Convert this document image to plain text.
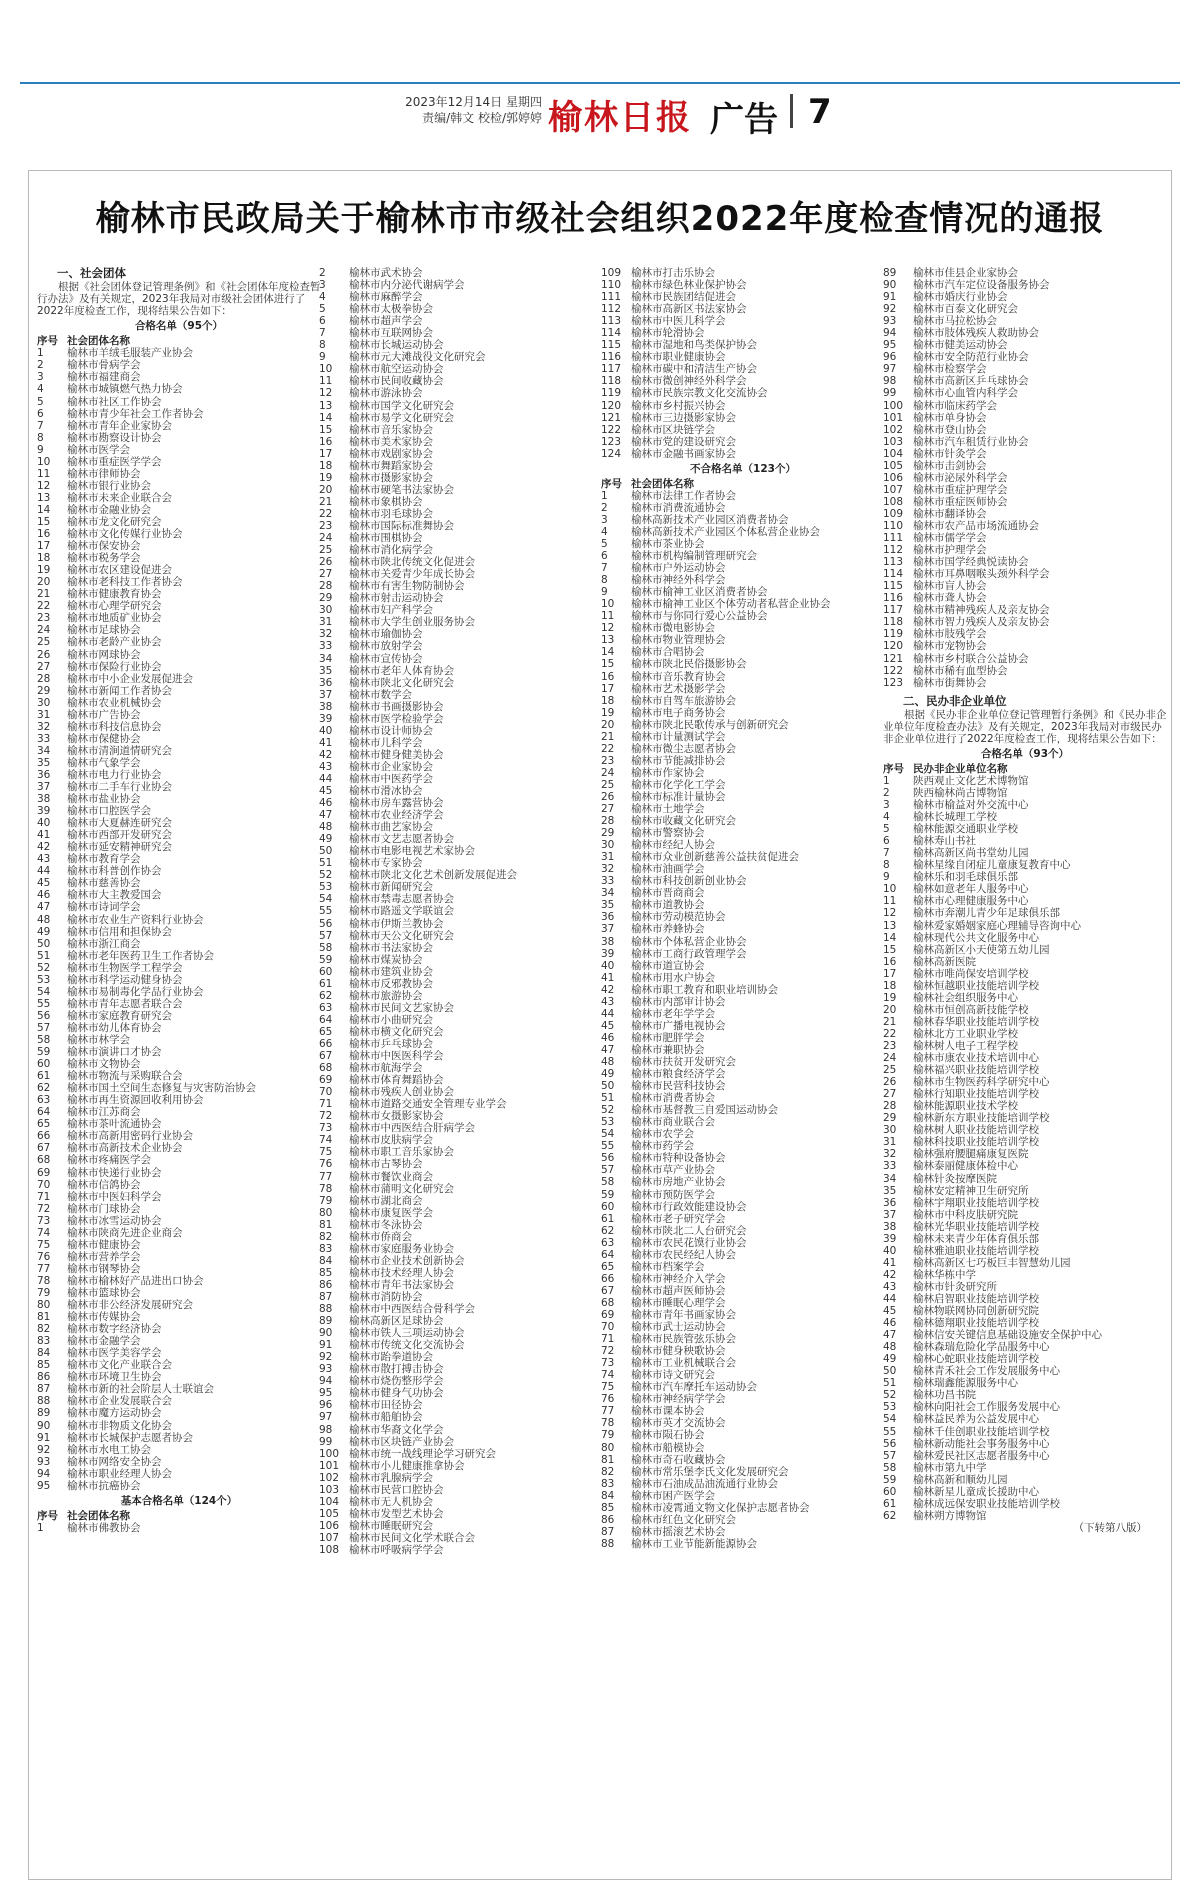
2023年12月14日 星期四
责编/韩文 校检/郭婷婷 榆林日报 广告 7
榆林市民政局关于榆林市市级社会组织2022年度检查情况的通报
一、社会团体
根据《社会团体登记管理条例》和《社会团体年度检查暂行办法》及有关规定，2023年我局对市级社会团体进行了2022年度检查工作，现将结果公告如下：
合格名单（95个）
序号 社会团体名称
1	榆林市羊绒毛服装产业协会
2	榆林市骨病学会
3	榆林市福建商会
4	榆林市城镇燃气热力协会
5	榆林市社区工作协会
6	榆林市青少年社会工作者协会
7	榆林市青年企业家协会
8	榆林市勘察设计协会
9	榆林市医学会
10	榆林市重症医学学会
11	榆林市律师协会
12	榆林市银行业协会
13	榆林市未来企业联合会
14	榆林市金融业协会
15	榆林市龙文化研究会
16	榆林市文化传媒行业协会
17	榆林市保安协会
18	榆林市税务学会
19	榆林市农区建设促进会
20	榆林市老科技工作者协会
21	榆林市健康教育协会
22	榆林市心理学研究会
23	榆林市地质矿业协会
24	榆林市足球协会
25	榆林市老龄产业协会
26	榆林市网球协会
27	榆林市保险行业协会
28	榆林市中小企业发展促进会
29	榆林市新闻工作者协会
30	榆林市农业机械协会
31	榆林市广告协会
32	榆林市科技信息协会
33	榆林市保健协会
34	榆林市清涧道情研究会
35	榆林市气象学会
36	榆林市电力行业协会
37	榆林市二手车行业协会
38	榆林市盐业协会
39	榆林市口腔医学会
40	榆林市大夏赫连研究会
41	榆林市西部开发研究会
42	榆林市延安精神研究会
43	榆林市教育学会
44	榆林市科普创作协会
45	榆林市慈善协会
46	榆林市大主教爱国会
47	榆林市诗词学会
48	榆林市农业生产资料行业协会
49	榆林市信用和担保协会
50	榆林市浙江商会
51	榆林市老年医药卫生工作者协会
52	榆林市生物医学工程学会
53	榆林市科学运动健身协会
54	榆林市易制毒化学品行业协会
55	榆林市青年志愿者联合会
56	榆林市家庭教育研究会
57	榆林市幼儿体育协会
58	榆林市林学会
59	榆林市演讲口才协会
60	榆林市文物协会
61	榆林市物流与采购联合会
62	榆林市国土空间生态修复与灾害防治协会
63	榆林市再生资源回收利用协会
64	榆林市江苏商会
65	榆林市茶叶流通协会
66	榆林市高新用密码行业协会
67	榆林市高新技术企业协会
68	榆林市疼痛医学会
69	榆林市快递行业协会
70	榆林市信鸽协会
71	榆林市中医妇科学会
72	榆林市门球协会
73	榆林市冰雪运动协会
74	榆林市陕商先进企业商会
75	榆林市健康协会
76	榆林市营养学会
77	榆林市钢琴协会
78	榆林市榆林好产品进出口协会
79	榆林市篮球协会
80	榆林市非公经济发展研究会
81	榆林市传媒协会
82	榆林市数字经济协会
83	榆林市金融学会
84	榆林市医学美容学会
85	榆林市文化产业联合会
86	榆林市环境卫生协会
87	榆林市新的社会阶层人士联谊会
88	榆林市企业发展联合会
89	榆林市魔方运动协会
90	榆林市非物质文化协会
91	榆林市长城保护志愿者协会
92	榆林市水电工协会
93	榆林市网络安全协会
94	榆林市职业经理人协会
95	榆林市抗癌协会
基本合格名单（124个）
序号 社会团体名称
1	榆林市佛教协会
2	榆林市武术协会
3	榆林市内分泌代谢病学会
4	榆林市麻醉学会
5	榆林市太极拳协会
6	榆林市超声学会
7	榆林市互联网协会
8	榆林市长城运动协会
9	榆林市元大滩战役文化研究会
10	榆林市航空运动协会
11	榆林市民间收藏协会
12	榆林市游泳协会
13	榆林市国学文化研究会
14	榆林市易学文化研究会
15	榆林市音乐家协会
16	榆林市美术家协会
17	榆林市戏剧家协会
18	榆林市舞蹈家协会
19	榆林市摄影家协会
20	榆林市硬笔书法家协会
21	榆林市象棋协会
22	榆林市羽毛球协会
23	榆林市国际标准舞协会
24	榆林市围棋协会
25	榆林市消化病学会
26	榆林市陕北传统文化促进会
27	榆林市关爱青少年成长协会
28	榆林市有害生物防制协会
29	榆林市射击运动协会
30	榆林市妇产科学会
31	榆林市大学生创业服务协会
32	榆林市瑜伽协会
33	榆林市放射学会
34	榆林市宣传协会
35	榆林市老年人体育协会
36	榆林市陕北文化研究会
37	榆林市数学会
38	榆林市书画摄影协会
39	榆林市医学检验学会
40	榆林市设计师协会
41	榆林市儿科学会
42	榆林市健身健美协会
43	榆林市企业家协会
44	榆林市中医药学会
45	榆林市滑冰协会
46	榆林市房车露营协会
47	榆林市农业经济学会
48	榆林市曲艺家协会
49	榆林市文艺志愿者协会
50	榆林市电影电视艺术家协会
51	榆林市专家协会
52	榆林市陕北文化艺术创新发展促进会
53	榆林市新闻研究会
54	榆林市禁毒志愿者协会
55	榆林市路遥文学联谊会
56	榆林市伊斯兰教协会
57	榆林市天公文化研究会
58	榆林市书法家协会
59	榆林市煤炭协会
60	榆林市建筑业协会
61	榆林市反邪教协会
62	榆林市旅游协会
63	榆林市民间文艺家协会
64	榆林市小曲研究会
65	榆林市横文化研究会
66	榆林市乒乓球协会
67	榆林市中医医科学会
68	榆林市航海学会
69	榆林市体育舞蹈协会
70	榆林市残疾人创业协会
71	榆林市道路交通安全管理专业学会
72	榆林市女摄影家协会
73	榆林市中西医结合肝病学会
74	榆林市皮肤病学会
75	榆林市职工音乐家协会
76	榆林市古琴协会
77	榆林市餐饮业商会
78	榆林市蒲明文化研究会
79	榆林市湖北商会
80	榆林市康复医学会
81	榆林市冬泳协会
82	榆林市侨商会
83	榆林市家庭服务业协会
84	榆林市企业技术创新协会
85	榆林市技术经理人协会
86	榆林市青年书法家协会
87	榆林市消防协会
88	榆林市中西医结合骨科学会
89	榆林高新区足球协会
90	榆林市铁人三项运动协会
91	榆林市传统文化交流协会
92	榆林市跆拳道协会
93	榆林市散打搏击协会
94	榆林市烧伤整形学会
95	榆林市健身气功协会
96	榆林市田径协会
97	榆林市船舶协会
98	榆林市华裔文化学会
99	榆林市区块链产业协会
100 榆林市统一战线理论学习研究会
101 榆林市小儿健康推拿协会
102 榆林市乳腺病学会
103 榆林市民营口腔协会
104 榆林市无人机协会
105 榆林市发型艺术协会
106 榆林市睡眠研究会
107 榆林市民间文化学术联合会
108 榆林市呼吸病学学会
109 榆林市打击乐协会
110 榆林市绿色林业保护协会
111 榆林市民族团结促进会
112 榆林市高新区书法家协会
113 榆林市中医儿科学会
114 榆林市轮滑协会
115 榆林市湿地和鸟类保护协会
116 榆林市职业健康协会
117 榆林市碳中和清洁生产协会
118 榆林市微创神经外科学会
119 榆林市民族宗教文化交流协会
120 榆林市乡村振兴协会
121 榆林市三边摄影家协会
122 榆林市区块链学会
123 榆林市党的建设研究会
124 榆林市金融书画家协会
不合格名单（123个）
序号 社会团体名称
1	榆林市法律工作者协会
2	榆林市消费流通协会
3	榆林高新技术产业园区消费者协会
4	榆林高新技术产业园区个体私营企业协会
5	榆林市茶业协会
6	榆林市机构编制管理研究会
7	榆林市户外运动协会
8	榆林市神经外科学会
9	榆林市榆神工业区消费者协会
10	榆林市榆神工业区个体劳动者私营企业协会
11	榆林市与你同行爱心公益协会
12	榆林市微电影协会
13	榆林市物业管理协会
14	榆林市合唱协会
15	榆林市陕北民俗摄影协会
16	榆林市音乐教育协会
17	榆林市艺术摄影学会
18	榆林市自驾车旅游协会
19	榆林市电子商务协会
20	榆林市陕北民歌传承与创新研究会
21	榆林市计量测试学会
22	榆林市微尘志愿者协会
23	榆林市节能减排协会
24	榆林市作家协会
25	榆林市化学化工学会
26	榆林市标准计量协会
27	榆林市土地学会
28	榆林市收藏文化研究会
29	榆林市警察协会
30	榆林市经纪人协会
31	榆林市众业创新慈善公益扶贫促进会
32	榆林市油画学会
33	榆林市科技创新创业协会
34	榆林市晋商商会
35	榆林市道教协会
36	榆林市劳动模范协会
37	榆林市养蜂协会
38	榆林市个体私营企业协会
39	榆林市工商行政管理学会
40	榆林市道宣协会
41	榆林市用水户协会
42	榆林市职工教育和职业培训协会
43	榆林市内部审计协会
44	榆林市老年学学会
45	榆林市广播电视协会
46	榆林市肥胖学会
47	榆林市兼职协会
48	榆林市扶贫开发研究会
49	榆林市粮食经济学会
50	榆林市民营科技协会
51	榆林市消费者协会
52	榆林市基督教三自爱国运动协会
53	榆林市商业联合会
54	榆林市农学会
55	榆林市药学会
56	榆林市特种设备协会
57	榆林市草产业协会
58	榆林市房地产业协会
59	榆林市预防医学会
60	榆林市行政效能建设协会
61	榆林市老子研究学会
62	榆林市陕北二人台研究会
63	榆林市农民花馍行业协会
64	榆林市农民经纪人协会
65	榆林市档案学会
66	榆林市神经介入学会
67	榆林市超声医师协会
68	榆林市睡眠心理学会
69	榆林市青年书画家协会
70	榆林市武士运动协会
71	榆林市民族管弦乐协会
72	榆林市健身秧歌协会
73	榆林市工业机械联合会
74	榆林市诗文研究会
75	榆林市汽车摩托车运动协会
76	榆林市神经病学学会
77	榆林市课本协会
78	榆林市英才交流协会
79	榆林市陨石协会
80	榆林市船模协会
81	榆林市奇石收藏协会
82	榆林市常乐堡李氏文化发展研究会
83	榆林市石油成品油流通行业协会
84	榆林市困产医学会
85	榆林市凌霄通文物文化保护志愿者协会
86	榆林市红色文化研究会
87	榆林市摇滚艺术协会
88	榆林市工业节能新能源协会
89	榆林市佳县企业家协会
90	榆林市汽车定位设备服务协会
91	榆林市婚庆行业协会
92	榆林市百泰文化研究会
93	榆林市马拉松协会
94	榆林市肢体残疾人救助协会
95	榆林市健美运动协会
96	榆林市安全防范行业协会
97	榆林市检察学会
98	榆林市高新区乒乓球协会
99	榆林市心血管内科学会
100 榆林市临床药学会
101 榆林市单身协会
102 榆林市登山协会
103 榆林市汽车租赁行业协会
104 榆林市针灸学会
105 榆林市击剑协会
106 榆林市泌尿外科学会
107 榆林市重症护理学会
108 榆林市重症医师协会
109 榆林市翻译协会
110 榆林市农产品市场流通协会
111 榆林市儒学学会
112 榆林市护理学会
113 榆林市国学经典悦读协会
114 榆林市耳鼻咽喉头颈外科学会
115 榆林市盲人协会
116 榆林市聋人协会
117 榆林市精神残疾人及亲友协会
118 榆林市智力残疾人及亲友协会
119 榆林市肢残学会
120 榆林市宠物协会
121 榆林市乡村联合公益协会
122 榆林市稀有血型协会
123 榆林市街舞协会
二、民办非企业单位
根据《民办非企业单位登记管理暂行条例》和《民办非企业单位年度检查办法》及有关规定，2023年我局对市级民办非企业单位进行了2022年度检查工作，现将结果公告如下：
合格名单（93个）
序号 民办非企业单位名称
1	陕西观止文化艺术博物馆
2	陕西榆林尚古博物馆
3	榆林市榆益对外交流中心
4	榆林长城理工学校
5	榆林能源交通职业学校
6	榆林寿山书社
7	榆林高新区尚书堂幼儿园
8	榆林星缘自闭症儿童康复教育中心
9	榆林乐和羽毛球俱乐部
10	榆林如意老年人服务中心
11	榆林市心理健康服务中心
12	榆林市奔潮儿青少年足球俱乐部
13	榆林爱家婚姻家庭心理辅导咨询中心
14	榆林现代公共文化服务中心
15	榆林高新区小天使第五幼儿园
16	榆林高新医院
17	榆林市唯尚保安培训学校
18	榆林恒越职业技能培训学校
19	榆林社会组织服务中心
20	榆林市恒创高新技能学校
21	榆林春华职业技能培训学校
22	榆林北方工业职业学校
23	榆林树人电子工程学校
24	榆林市康农业技术培训中心
25	榆林福兴职业技能培训学校
26	榆林市生物医药科学研究中心
27	榆林行知职业技能培训学校
28	榆林能源职业技术学校
29	榆林新东方职业技能培训学校
30	榆林树人职业技能培训学校
31	榆林科技职业技能培训学校
32	榆林强府腰腿痛康复医院
33	榆林泰丽健康体检中心
34	榆林针灸按摩医院
35	榆林安定精神卫生研究所
36	榆林宇翔职业技能培训学校
37	榆林市中科皮肤研究院
38	榆林光华职业技能培训学校
39	榆林未来青少年体育俱乐部
40	榆林雅迪职业技能培训学校
41	榆林高新区七巧板巨丰智慧幼儿园
42	榆林华栋中学
43	榆林市针灸研究所
44	榆林启智职业技能培训学校
45	榆林物联网协同创新研究院
46	榆林德翔职业技能培训学校
47	榆林信安关键信息基础设施安全保护中心
48	榆林森瑞危险化学品服务中心
49	榆林心蛇职业技能培训学校
50	榆林青禾社会工作发展服务中心
51	榆林瑞鑫能源服务中心
52	榆林功昌书院
53	榆林向阳社会工作服务发展中心
54	榆林益民养为公益发展中心
55	榆林千佳创职业技能培训学校
56	榆林新动能社会事务服务中心
57	榆林爱民社区志愿者服务中心
58	榆林市第九中学
59	榆林高新和顺幼儿园
60	榆林新星儿童成长援助中心
61	榆林成远保安职业技能培训学校
62	榆林朔方博物馆
（下转第八版）
